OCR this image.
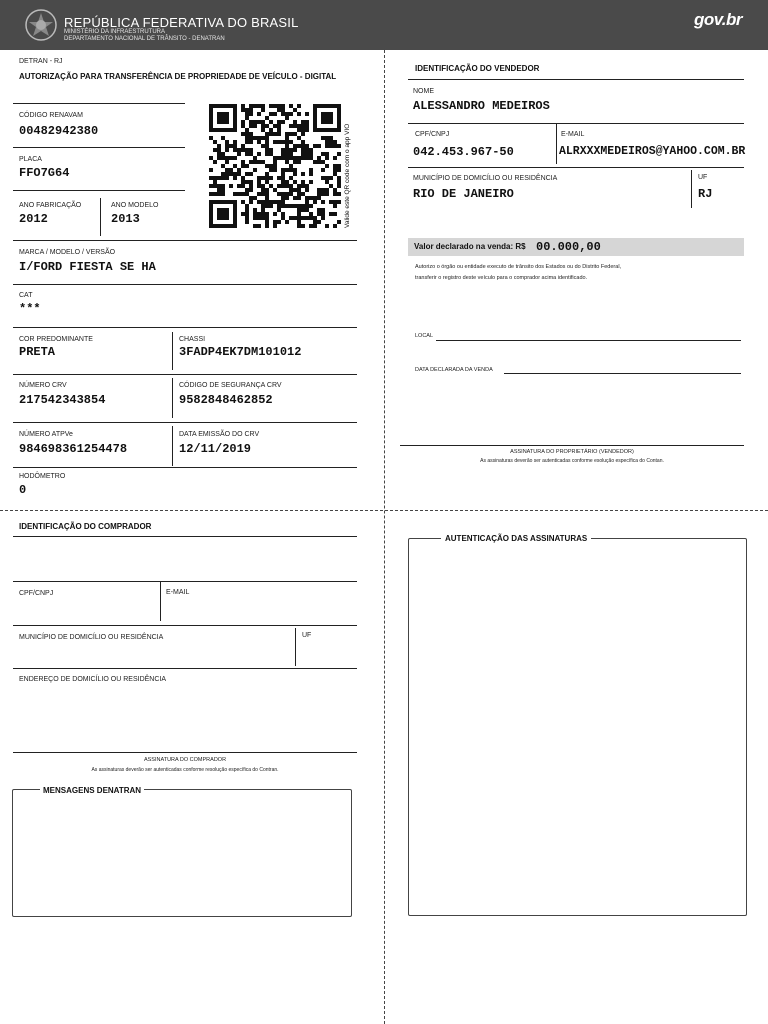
REPÚBLICA FEDERATIVA DO BRASIL
MINISTÉRIO DA INFRAESTRUTURA
DEPARTAMENTO NACIONAL DE TRÂNSITO - DENATRAN
gov.br
DETRAN - RJ
AUTORIZAÇÃO PARA TRANSFERÊNCIA DE PROPRIEDADE DE VEÍCULO - DIGITAL
CÓDIGO RENAVAM
00482942380
PLACA
FFO7G64
ANO FABRICAÇÃO
2012
ANO MODELO
2013	Valide este QR code com o app VIO
MARCA / MODELO / VERSÃO
I/FORD FIESTA SE HA
CAT
***
COR PREDOMINANTE
PRETA
CHASSI
3FADP4EK7DM101012
NÚMERO CRV
217542343854
CÓDIGO DE SEGURANÇA CRV
9582848462852
NÚMERO ATPVe
984698361254478
DATA EMISSÃO DO CRV
12/11/2019
HODÔMETRO
0
IDENTIFICAÇÃO DO VENDEDOR
NOME
ALESSANDRO MEDEIROS
CPF/CNPJ
042.453.967-50
E-MAIL
ALRXXXMEDEIROS@YAHOO.COM.BR
MUNICÍPIO DE DOMICÍLIO OU RESIDÊNCIA
RIO DE JANEIRO
UF
RJ
Valor declarado na venda: R$ 00.000,00
Autorizo o órgão ou entidade executo de trânsito dos Estados ou do Distrito Federal,
transferir o registro deste veículo para o comprador acima identificado.
LOCAL
DATA DECLARADA DA VENDA
ASSINATURA DO PROPRIETÁRIO (VENDEDOR)
As assinaturas deverão ser autenticadas conforme esolução específica do Contan.
IDENTIFICAÇÃO DO COMPRADOR
CPF/CNPJ	E-MAIL
MUNICÍPIO DE DOMICÍLIO OU RESIDÊNCIA	UF
ENDEREÇO DE DOMICÍLIO OU RESIDÊNCIA
ASSINATURA DO COMPRADOR
As assinaturas deverão ser autenticadas conforme resolução específica do Contran.
MENSAGENS DENATRAN
AUTENTICAÇÃO DAS ASSINATURAS
